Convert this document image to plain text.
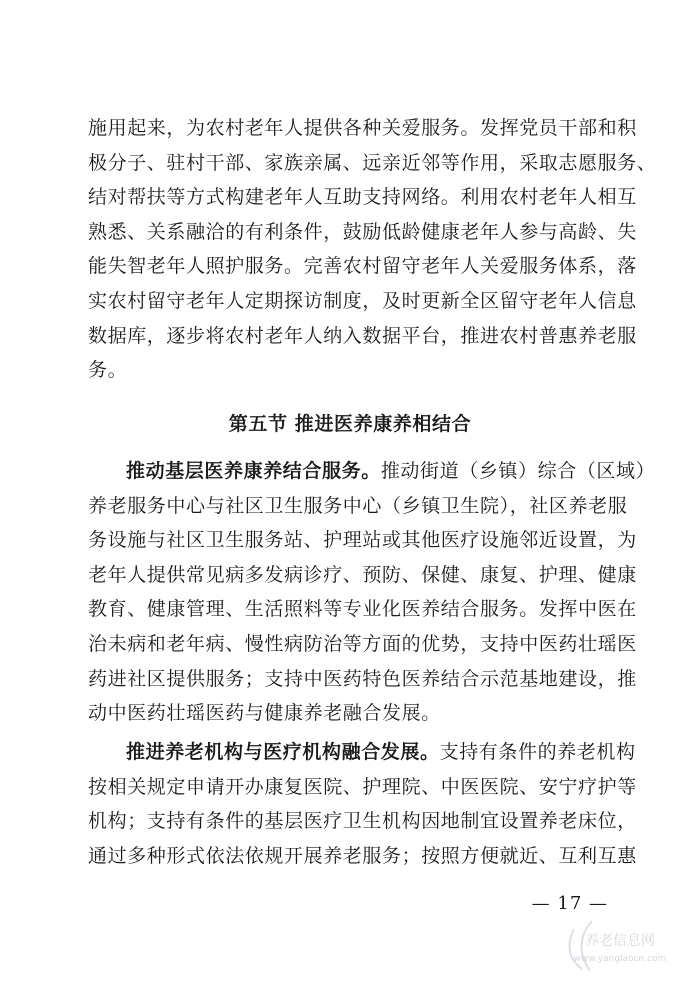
施用起来，为农村老年人提供各种关爱服务。发挥党员干部和积
极分子、驻村干部、家族亲属、远亲近邻等作用，采取志愿服务、
结对帮扶等方式构建老年人互助支持网络。利用农村老年人相互
熟悉、关系融洽的有利条件，鼓励低龄健康老年人参与高龄、失
能失智老年人照护服务。完善农村留守老年人关爱服务体系，落
实农村留守老年人定期探访制度，及时更新全区留守老年人信息
数据库，逐步将农村老年人纳入数据平台，推进农村普惠养老服
务。
第五节 推进医养康养相结合
推动基层医养康养结合服务。推动街道（乡镇）综合（区域）
养老服务中心与社区卫生服务中心（乡镇卫生院），社区养老服
务设施与社区卫生服务站、护理站或其他医疗设施邻近设置，为
老年人提供常见病多发病诊疗、预防、保健、康复、护理、健康
教育、健康管理、生活照料等专业化医养结合服务。发挥中医在
治未病和老年病、慢性病防治等方面的优势，支持中医药壮瑶医
药进社区提供服务；支持中医药特色医养结合示范基地建设，推
动中医药壮瑶医药与健康养老融合发展。
推进养老机构与医疗机构融合发展。支持有条件的养老机构
按相关规定申请开办康复医院、护理院、中医医院、安宁疗护等
机构；支持有条件的基层医疗卫生机构因地制宜设置养老床位，
通过多种形式依法依规开展养老服务；按照方便就近、互利互惠
— 17 —
养老信息网
www.yanglaocn.com
